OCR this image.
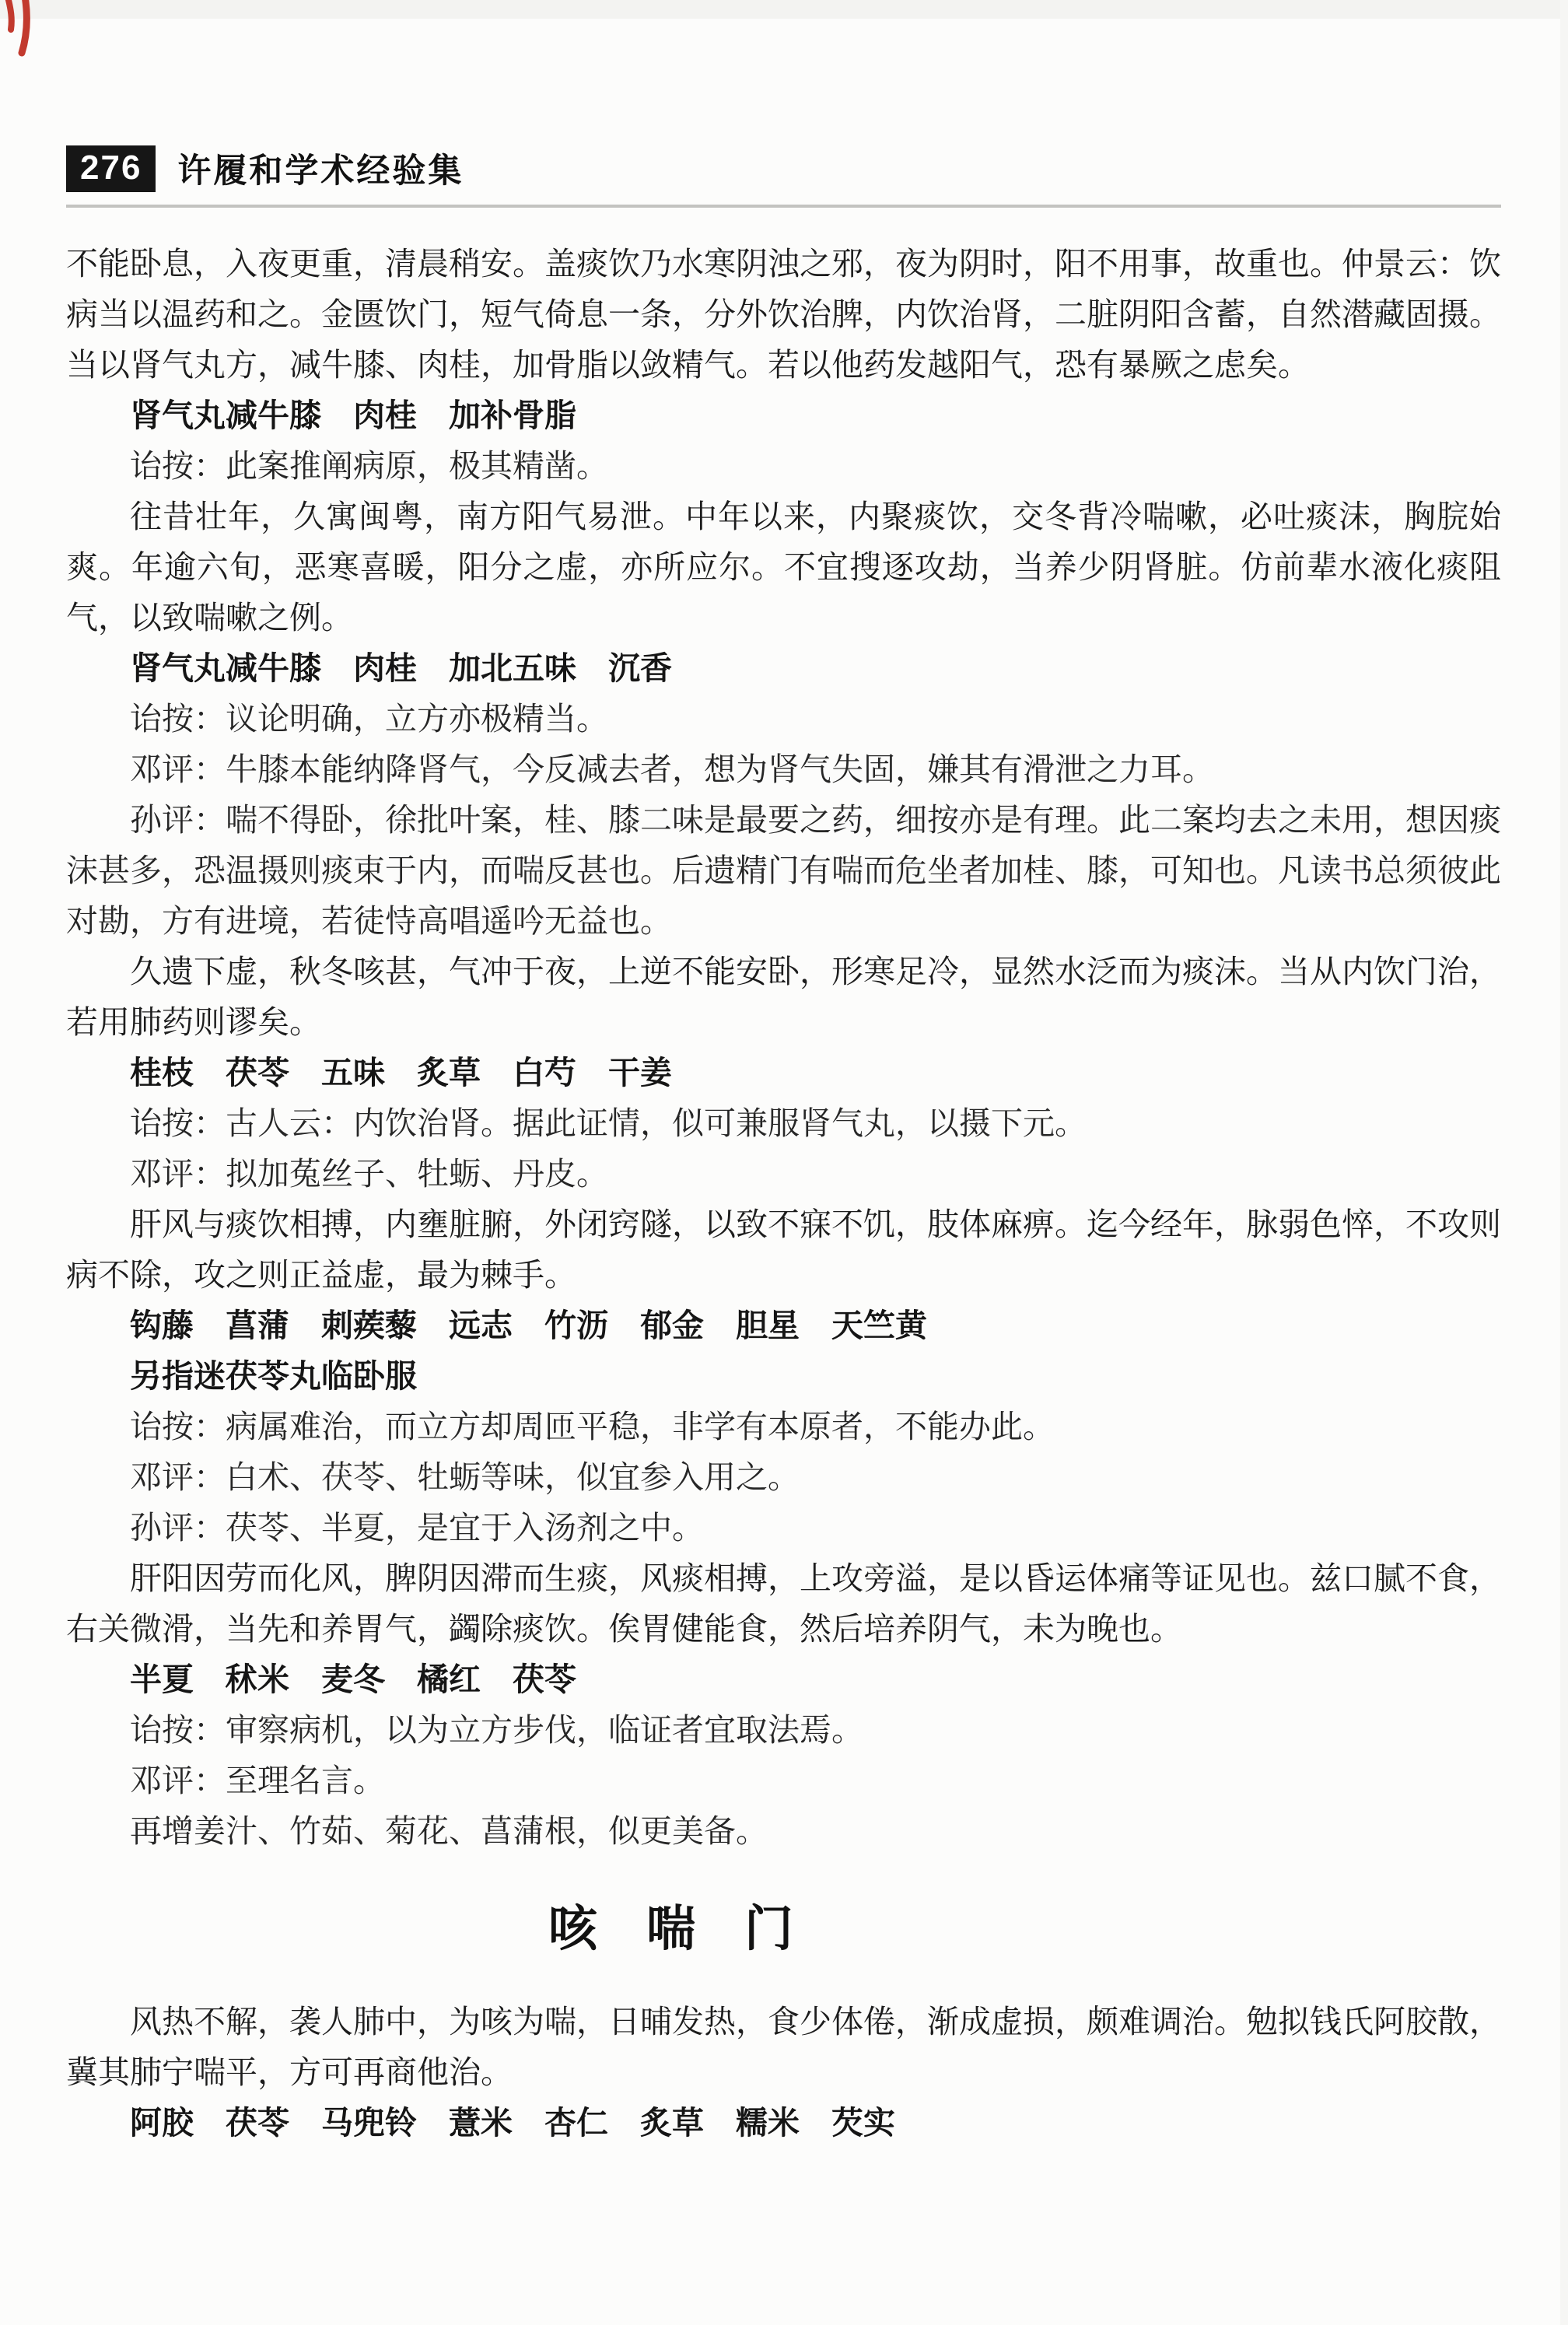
276	许履和学术经验集

不能卧息，入夜更重，清晨稍安。盖痰饮乃水寒阴浊之邪，夜为阴时，阳不用事，故重也。仲景云：饮病当以温药和之。金匮饮门，短气倚息一条，分外饮治脾，内饮治肾，二脏阴阳含蓄，自然潜藏固摄。当以肾气丸方，减牛膝、肉桂，加骨脂以敛精气。若以他药发越阳气，恐有暴厥之虑矣。

肾气丸减牛膝　肉桂　加补骨脂

诒按：此案推阐病原，极其精凿。

往昔壮年，久寓闽粤，南方阳气易泄。中年以来，内聚痰饮，交冬背冷喘嗽，必吐痰沫，胸脘始爽。年逾六旬，恶寒喜暖，阳分之虚，亦所应尔。不宜搜逐攻劫，当养少阴肾脏。仿前辈水液化痰阻气，以致喘嗽之例。

肾气丸减牛膝　肉桂　加北五味　沉香

诒按：议论明确，立方亦极精当。

邓评：牛膝本能纳降肾气，今反减去者，想为肾气失固，嫌其有滑泄之力耳。

孙评：喘不得卧，徐批叶案，桂、膝二味是最要之药，细按亦是有理。此二案均去之未用，想因痰沫甚多，恐温摄则痰束于内，而喘反甚也。后遗精门有喘而危坐者加桂、膝，可知也。凡读书总须彼此对勘，方有进境，若徒恃高唱遥吟无益也。

久遗下虚，秋冬咳甚，气冲于夜，上逆不能安卧，形寒足冷，显然水泛而为痰沫。当从内饮门治，若用肺药则谬矣。

桂枝　茯苓　五味　炙草　白芍　干姜

诒按：古人云：内饮治肾。据此证情，似可兼服肾气丸，以摄下元。

邓评：拟加菟丝子、牡蛎、丹皮。

肝风与痰饮相搏，内壅脏腑，外闭窍隧，以致不寐不饥，肢体麻痹。迄今经年，脉弱色悴，不攻则病不除，攻之则正益虚，最为棘手。

钩藤　菖蒲　刺蒺藜　远志　竹沥　郁金　胆星　天竺黄

另指迷茯苓丸临卧服

诒按：病属难治，而立方却周匝平稳，非学有本原者，不能办此。

邓评：白术、茯苓、牡蛎等味，似宜参入用之。

孙评：茯苓、半夏，是宜于入汤剂之中。

肝阳因劳而化风，脾阴因滞而生痰，风痰相搏，上攻旁溢，是以昏运体痛等证见也。兹口腻不食，右关微滑，当先和养胃气，蠲除痰饮。俟胃健能食，然后培养阴气，未为晚也。

半夏　秫米　麦冬　橘红　茯苓

诒按：审察病机，以为立方步伐，临证者宜取法焉。

邓评：至理名言。

再增姜汁、竹茹、菊花、菖蒲根，似更美备。

咳　喘　门

风热不解，袭人肺中，为咳为喘，日晡发热，食少体倦，渐成虚损，颇难调治。勉拟钱氏阿胶散，冀其肺宁喘平，方可再商他治。

阿胶　茯苓　马兜铃　薏米　杏仁　炙草　糯米　芡实
